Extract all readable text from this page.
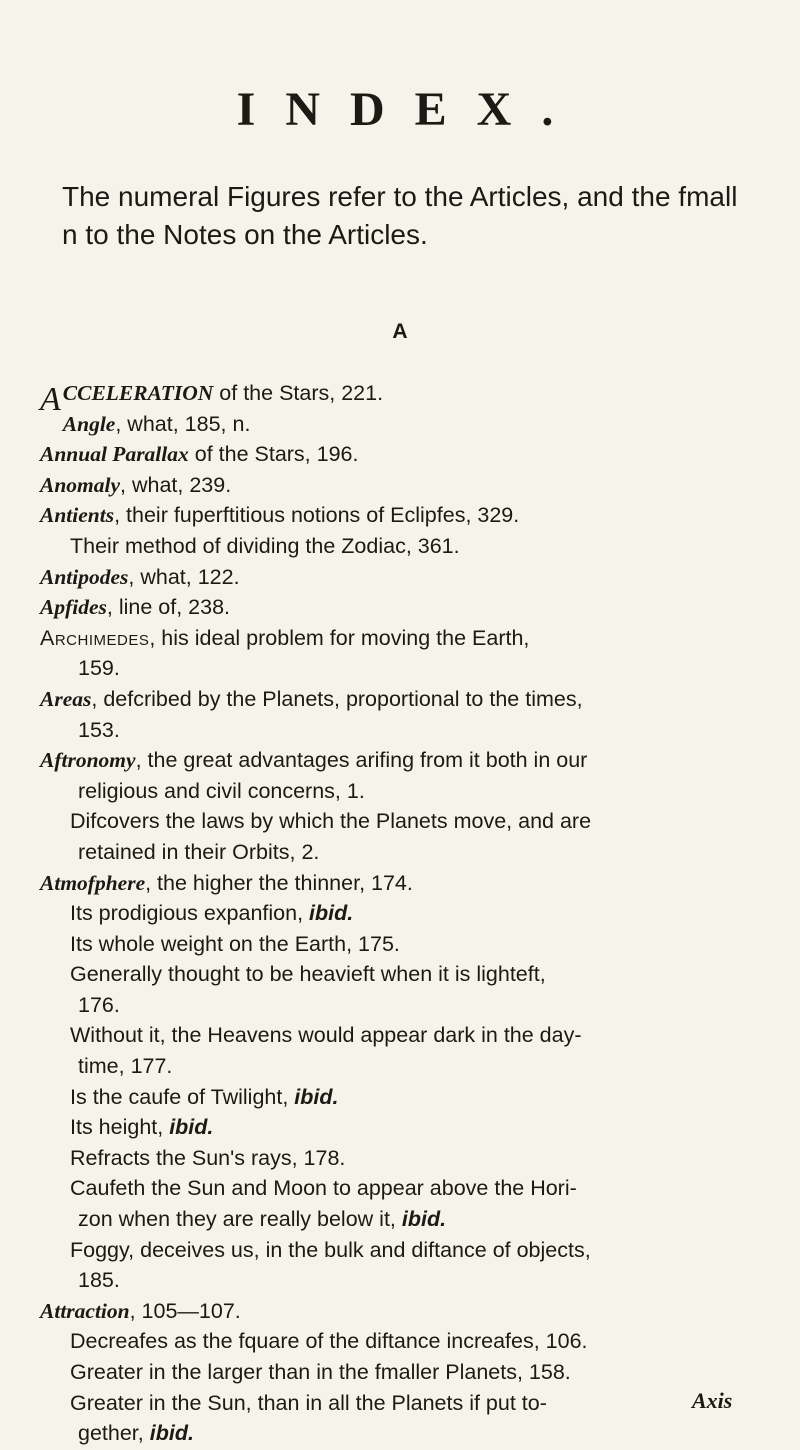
INDEX.
The numeral Figures refer to the Articles, and the fmall n to the Notes on the Articles.
A
ACCELERATION of the Stars, 221.
Angle, what, 185, n.
Annual Parallax of the Stars, 196.
Anomaly, what, 239.
Antients, their fuperftitious notions of Eclipfes, 329.
Their method of dividing the Zodiac, 361.
Antipodes, what, 122.
Apfides, line of, 238.
Archimedes, his ideal problem for moving the Earth,
159.
Areas, defcribed by the Planets, proportional to the times,
153.
Aftronomy, the great advantages arifing from it both in our
religious and civil concerns, 1.
Difcovers the laws by which the Planets move, and are
retained in their Orbits, 2.
Atmofphere, the higher the thinner, 174.
Its prodigious expanfion, ibid.
Its whole weight on the Earth, 175.
Generally thought to be heavieft when it is lighteft,
176.
Without it, the Heavens would appear dark in the day-
time, 177.
Is the caufe of Twilight, ibid.
Its height, ibid.
Refracts the Sun's rays, 178.
Caufeth the Sun and Moon to appear above the Hori-
zon when they are really below it, ibid.
Foggy, deceives us, in the bulk and diftance of objects,
185.
Attraction, 105—107.
Decreafes as the fquare of the diftance increafes, 106.
Greater in the larger than in the fmaller Planets, 158.
Greater in the Sun, than in all the Planets if put to-
gether, ibid.
Axis
